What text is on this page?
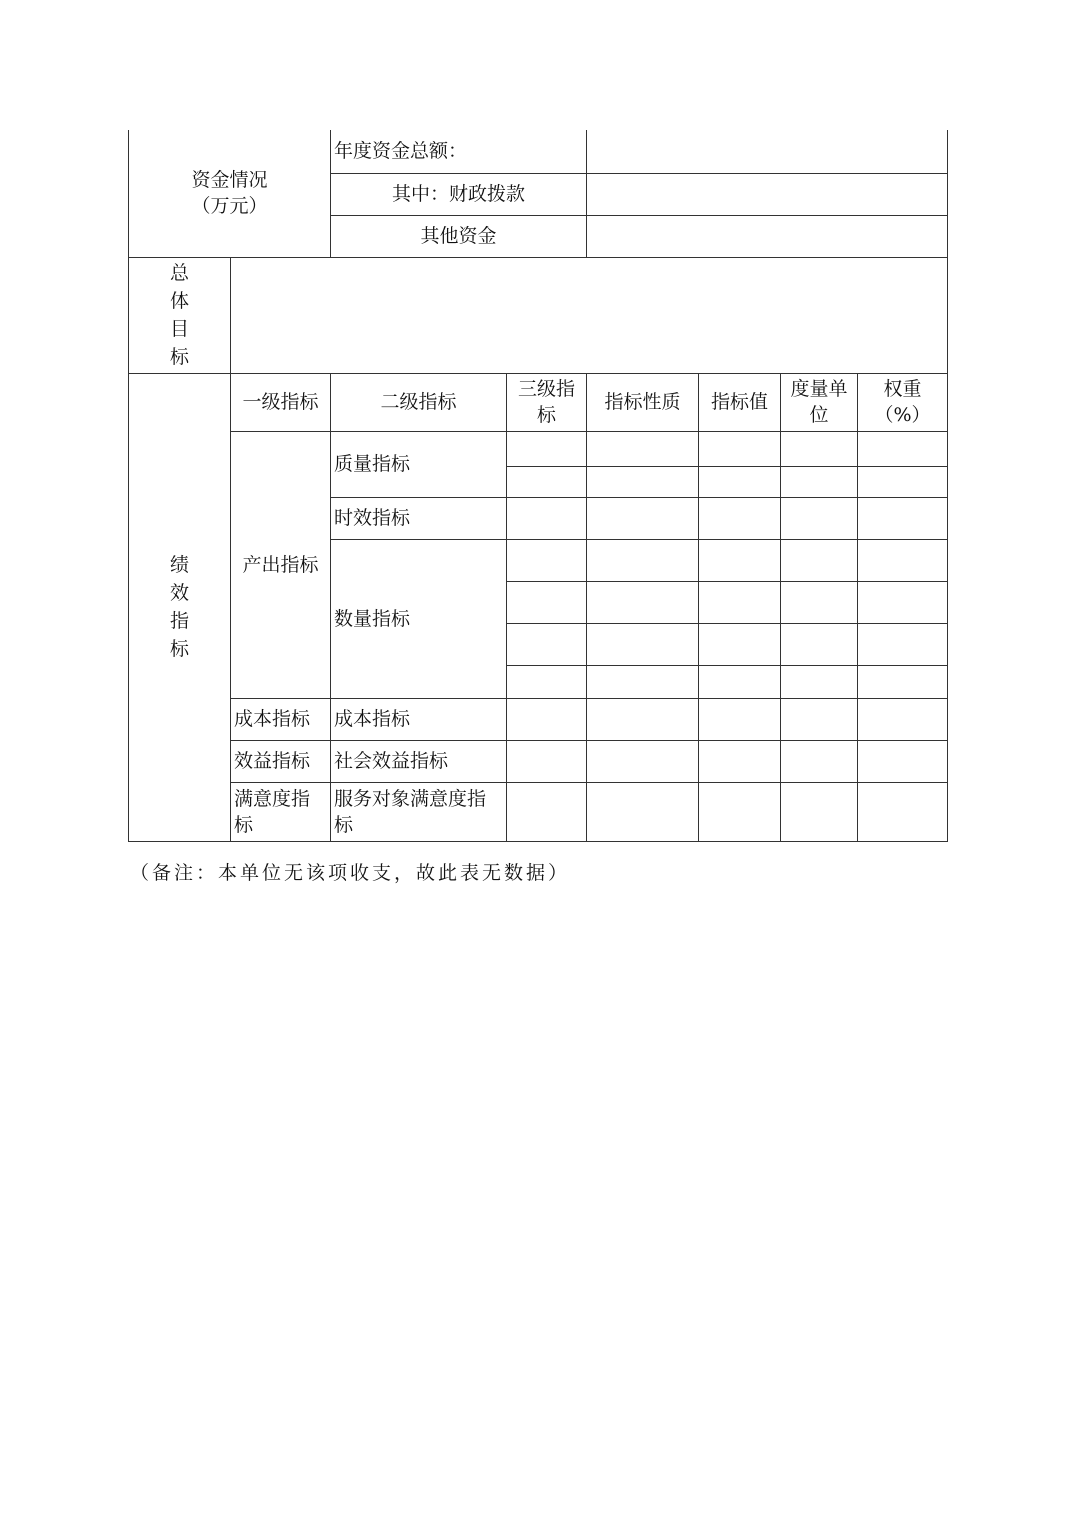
资金情况
（万元）		年度资金总额：					
		其中：财政拨款					
		其他资金					

总
体
目
标							

绩
效
指
标	一级指标	二级指标	三级指标	指标性质	指标值	度量单位	权重（%）
	产出指标	质量指标					

		时效指标					
		数量指标					

	成本指标	成本指标					
	效益指标	社会效益指标					
	满意度指标	服务对象满意度指标					
（备注：本单位无该项收支，故此表无数据）
